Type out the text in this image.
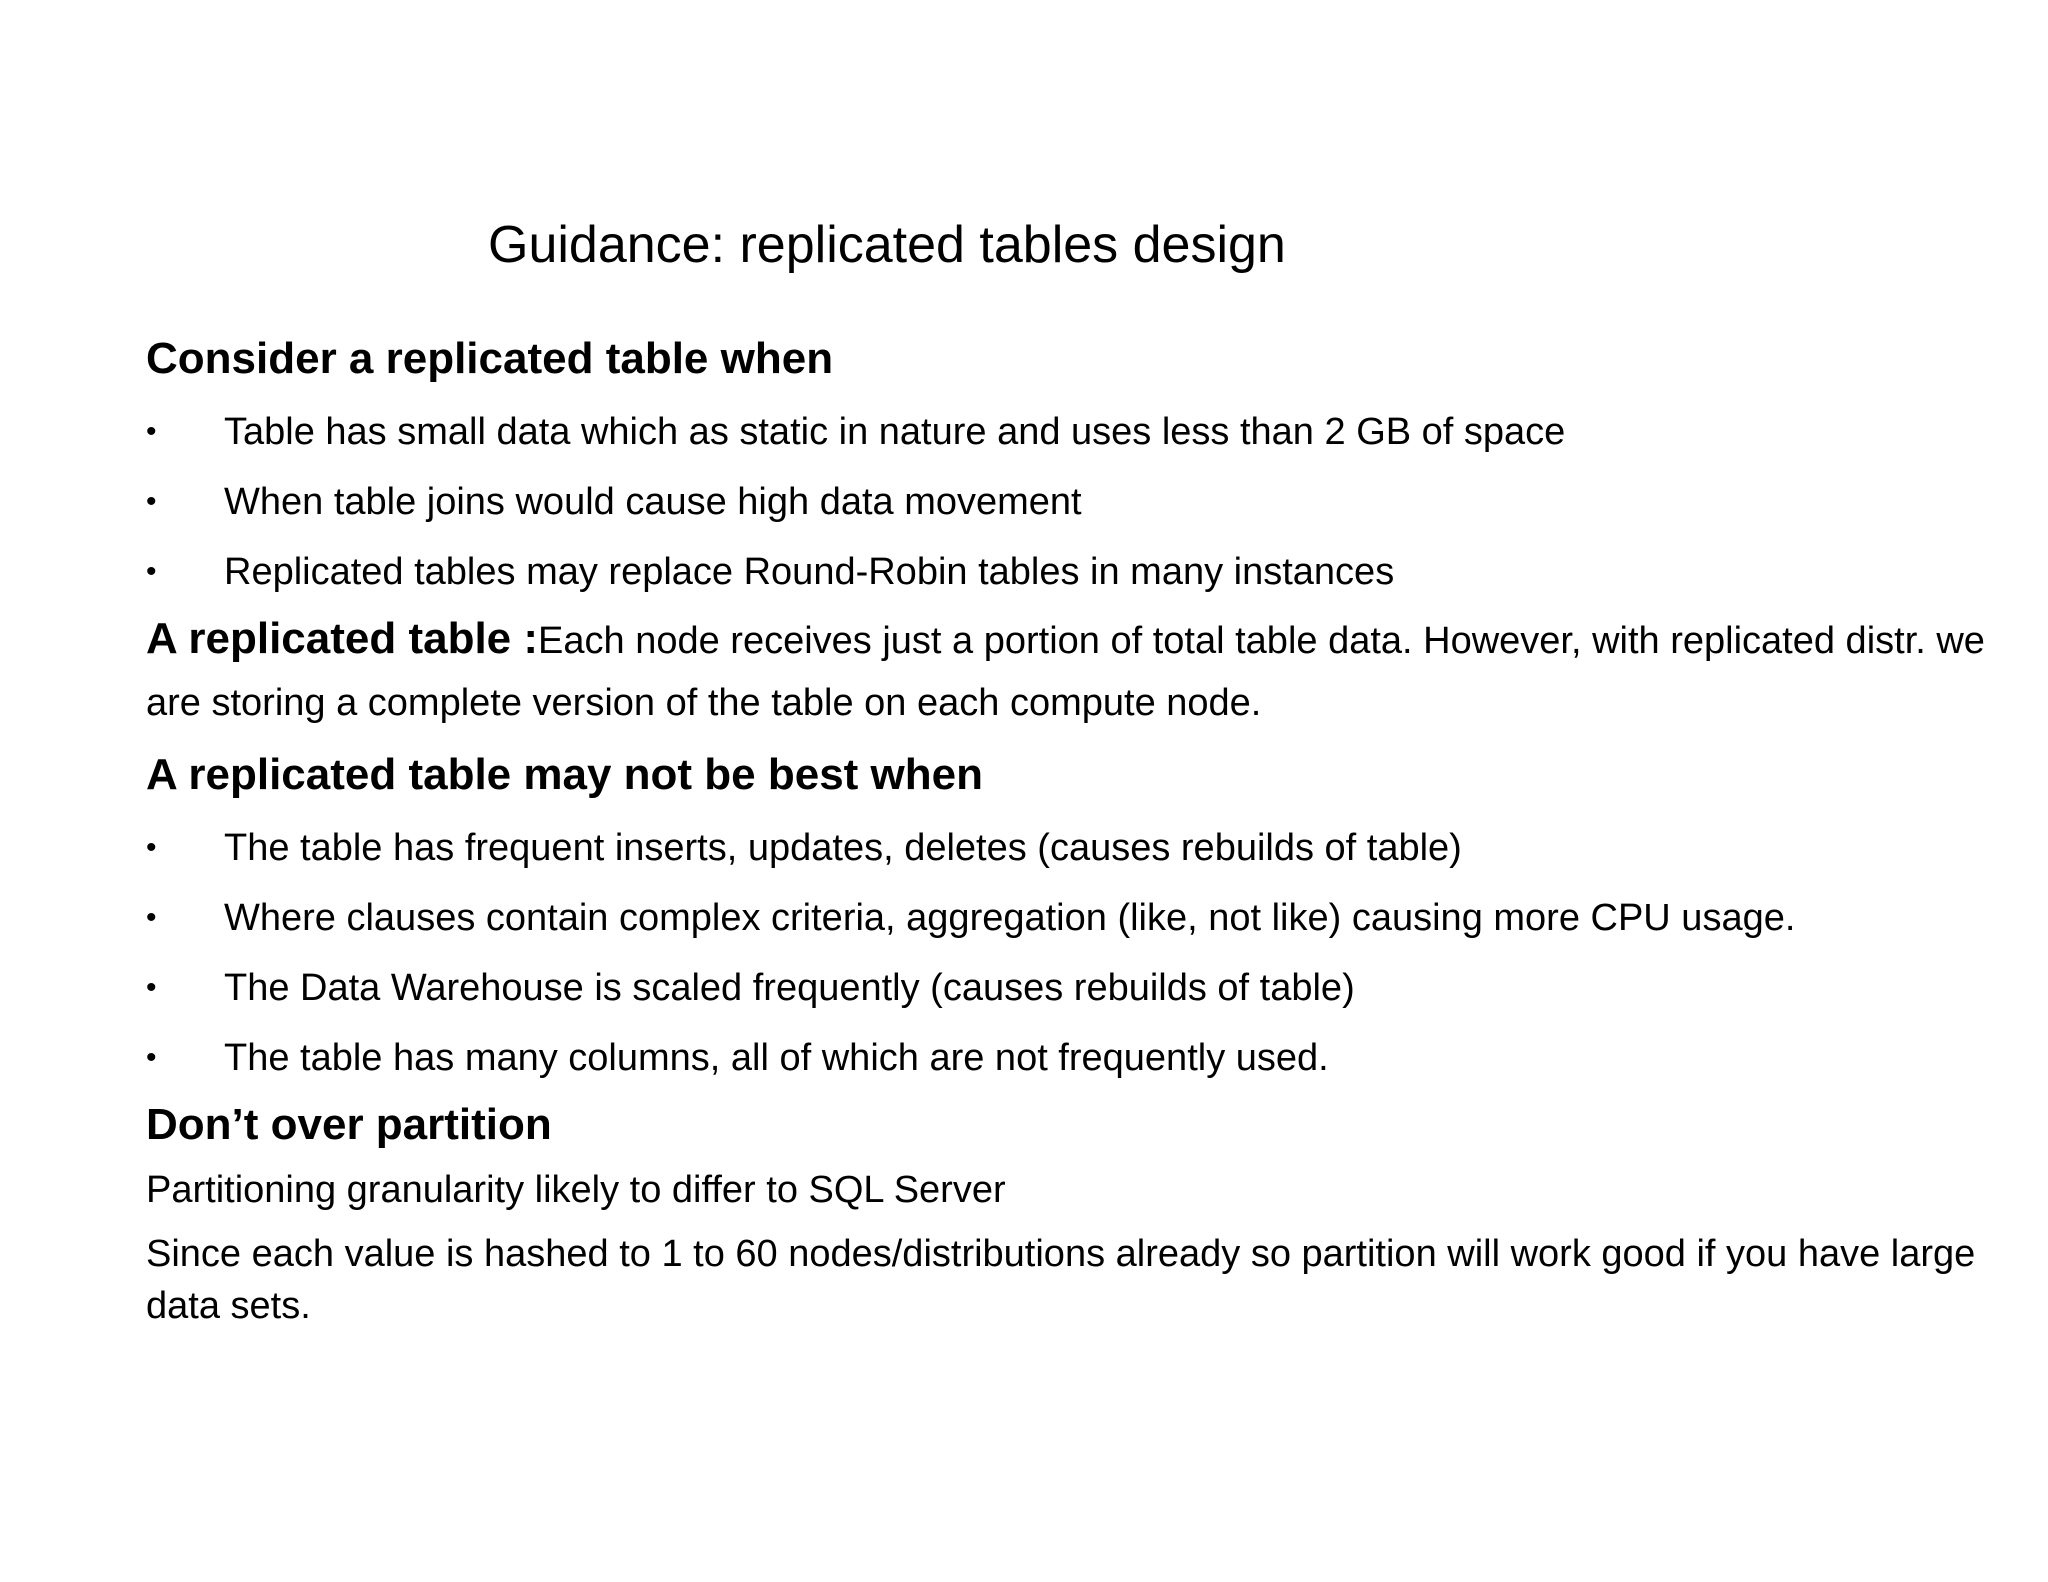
Guidance: replicated tables design
Consider a replicated table when
• Table has small data which as static in nature and uses less than 2 GB of space
• When table joins would cause high data movement
• Replicated tables may replace Round-Robin tables in many instances
A replicated table :Each node receives just a portion of total table data. However, with replicated distr. we are storing a complete version of the table on each compute node.
A replicated table may not be best when
• The table has frequent inserts, updates, deletes (causes rebuilds of table)
• Where clauses contain complex criteria, aggregation (like, not like) causing more CPU usage.
• The Data Warehouse is scaled frequently (causes rebuilds of table)
• The table has many columns, all of which are not frequently used.
Don’t over partition
Partitioning granularity likely to differ to SQL Server
Since each value is hashed to 1 to 60 nodes/distributions already so partition will work good if you have large data sets.
